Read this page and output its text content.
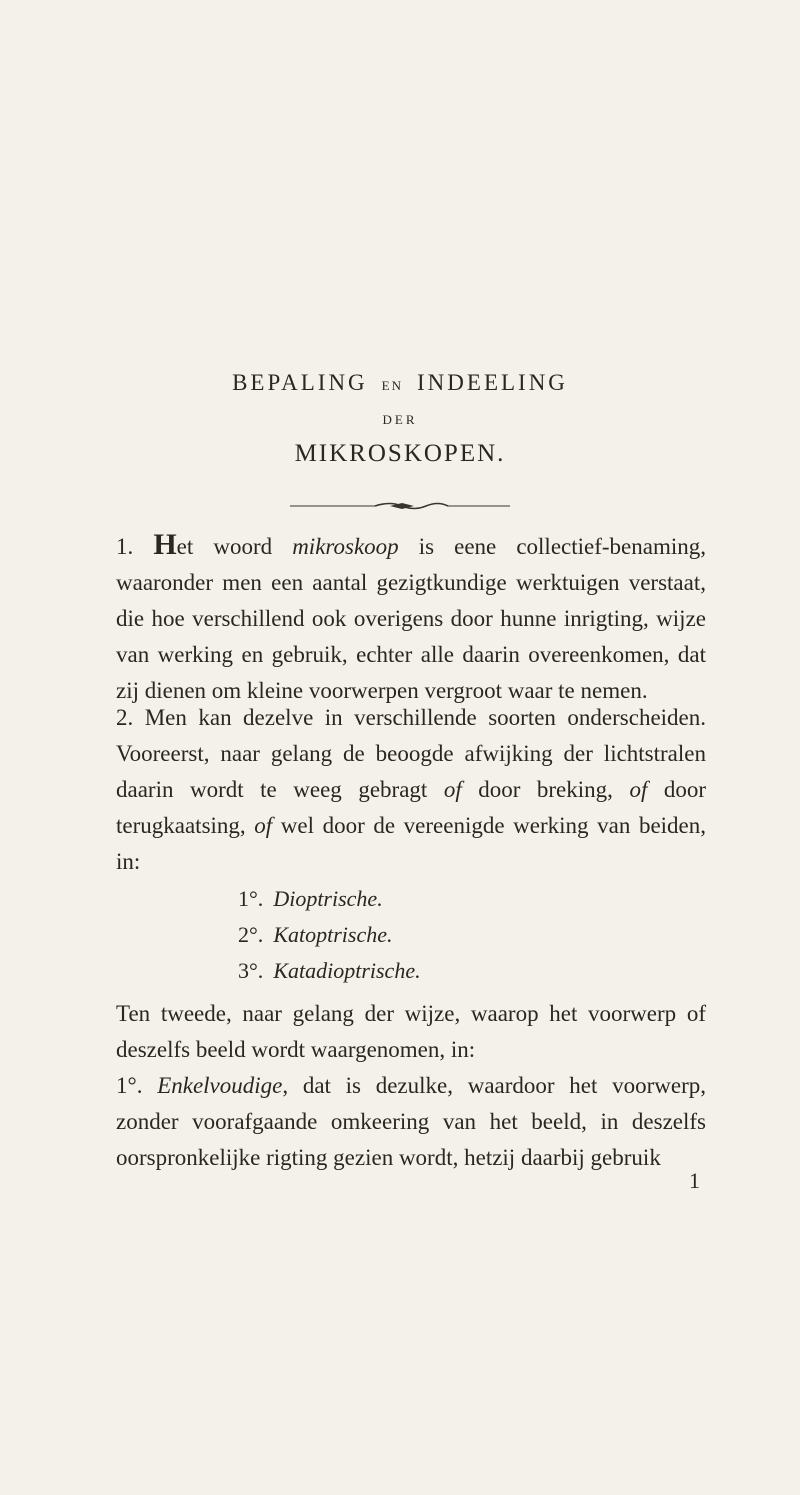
BEPALING EN INDEELING
DER
MIKROSKOPEN.
1. Het woord mikroskoop is eene collectief-benaming, waaronder men een aantal gezigtkundige werktuigen verstaat, die hoe verschillend ook overigens door hunne inrigting, wijze van werking en gebruik, echter alle daarin overeenkomen, dat zij dienen om kleine voorwerpen vergroot waar te nemen.
2. Men kan dezelve in verschillende soorten onderscheiden. Vooreerst, naar gelang de beoogde afwijking der lichtstralen daarin wordt te weeg gebragt of door breking, of door terugkaatsing, of wel door de vereenigde werking van beiden, in:
1°. Dioptrische.
2°. Katoptrische.
3°. Katadioptrische.
Ten tweede, naar gelang der wijze, waarop het voorwerp of deszelfs beeld wordt waargenomen, in:
1°. Enkelvoudige, dat is dezulke, waardoor het voorwerp, zonder voorafgaande omkeering van het beeld, in deszelfs oorspronkelijke rigting gezien wordt, hetzij daarbij gebruik
1
